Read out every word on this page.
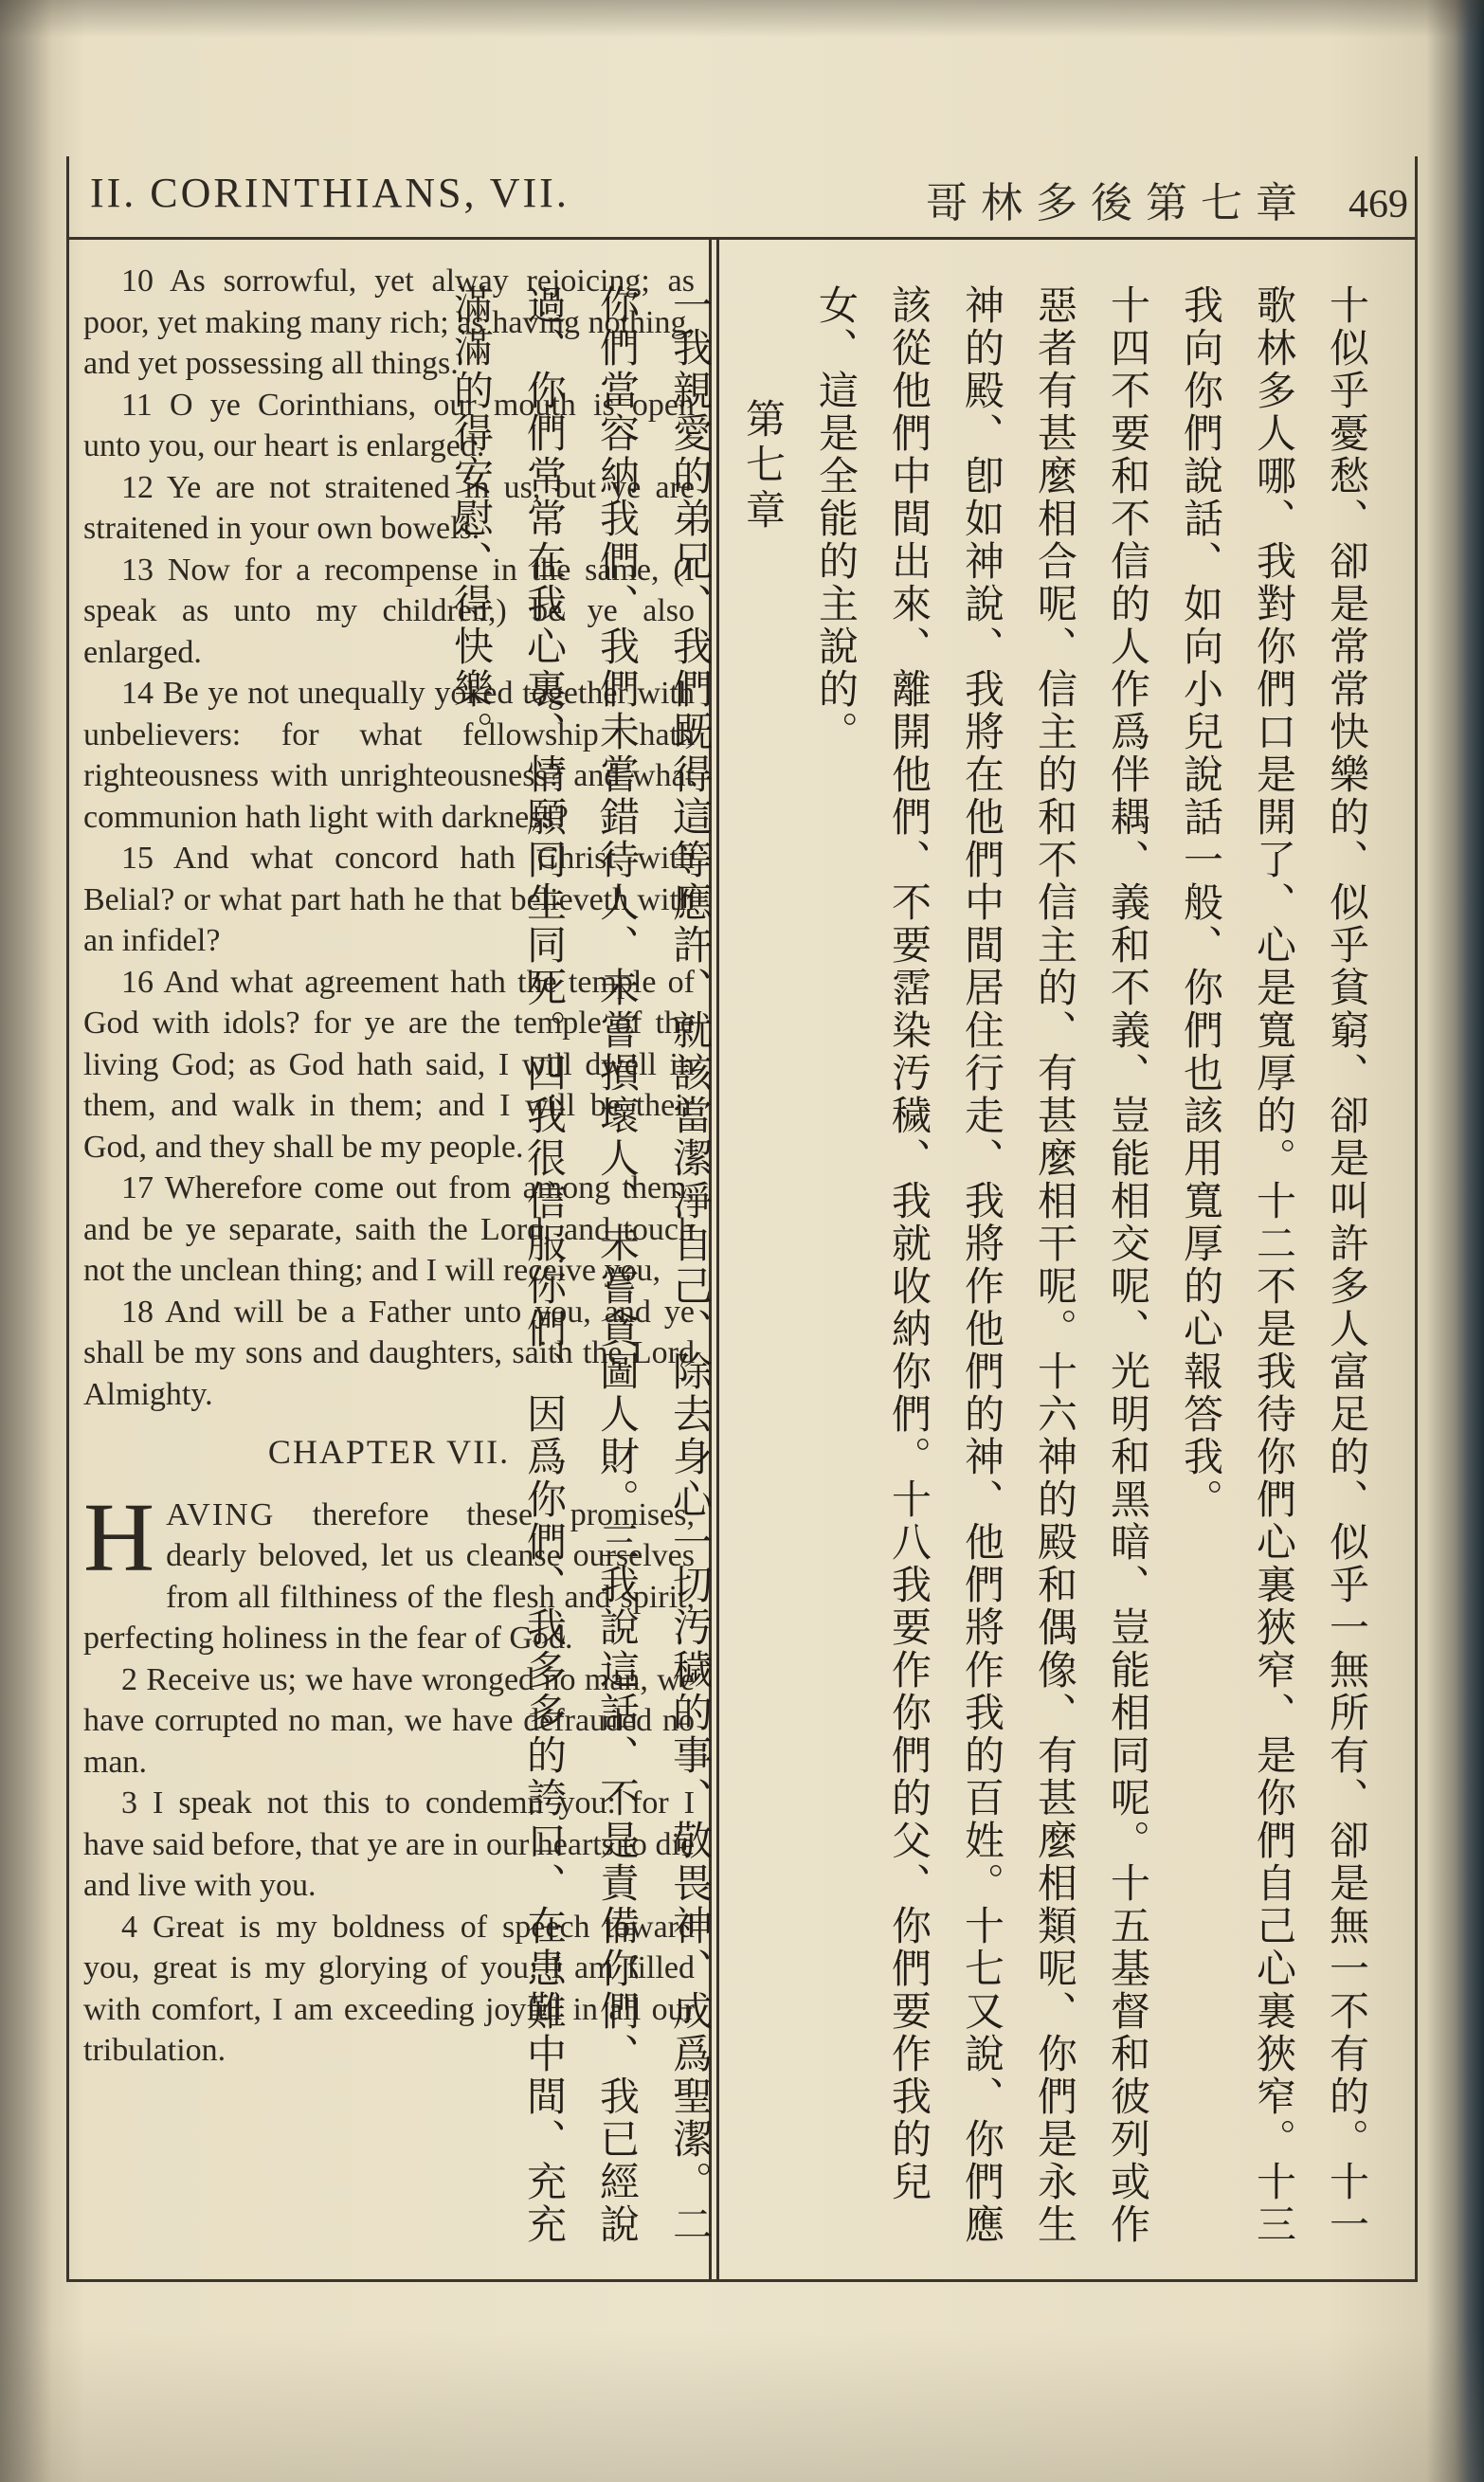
II. CORINTHIANS, VII.	哥林多後第七章 469

10 As sorrowful, yet alway rejoicing; as poor, yet making many rich; as having nothing, and yet possessing all things.

11 O ye Corinthians, our mouth is open unto you, our heart is enlarged.

12 Ye are not straitened in us, but ye are straitened in your own bowels.

13 Now for a recompense in the same, (I speak as unto my children,) be ye also enlarged.

14 Be ye not unequally yoked together with unbelievers: for what fellowship hath righteousness with unrighteousness? and what communion hath light with darkness?

15 And what concord hath Christ with Belial? or what part hath he that believeth with an infidel?

16 And what agreement hath the temple of God with idols? for ye are the temple of the living God; as God hath said, I will dwell in them, and walk in them; and I will be their God, and they shall be my people.

17 Wherefore come out from among them, and be ye separate, saith the Lord, and touch not the unclean thing; and I will receive you,

18 And will be a Father unto you, and ye shall be my sons and daughters, saith the Lord Almighty.

CHAPTER VII.

HAVING therefore these promises, dearly beloved, let us cleanse ourselves from all filthiness of the flesh and spirit, perfecting holiness in the fear of God.

2 Receive us; we have wronged no man, we have corrupted no man, we have defrauded no man.

3 I speak not this to condemn you: for I have said before, that ye are in our hearts to die and live with you.

4 Great is my boldness of speech toward you, great is my glorying of you: I am filled with comfort, I am exceeding joyful in all our tribulation.	十似乎憂愁、卻是常常快樂的、似乎貧窮、卻是叫許多人富足的、似乎一無所有、卻是無一不有的。十一歌林多人哪、我對你們口是開了、心是寬厚的。十二不是我待你們心裏狹窄、是你們自己心裏狹窄。十三我向你們說話、如向小兒說話一般、你們也該用寬厚的心報答我。

十四不要和不信的人作爲伴耦、義和不義、豈能相交呢、光明和黑暗、豈能相同呢。十五基督和彼列或作惡者有甚麼相合呢、信主的和不信主的、有甚麼相干呢。十六神的殿和偶像、有甚麼相類呢、你們是永生神的殿、卽如神說、我將在他們中間居住行走、我將作他們的神、他們將作我的百姓。十七又說、你們應該從他們中間出來、離開他們、不要霑染汚穢、我就收納你們。十八我要作你們的父、你們要作我的兒女、這是全能的主說的。

第七章

一我親愛的弟兄、我們既得這等應許、就該當潔淨自己、除去身心一切汚穢的事、敬畏神、成爲聖潔。二你們當容納我們、我們未嘗錯待人、未嘗損壞人、未嘗貪圖人財。三我說這話、不是責備你們、我已經說過、你們常常在我心裏、情願同生同死。四我很信服你們、因爲你們、我多多的誇口、在患難中間、充充滿滿的得安慰、得快樂。
